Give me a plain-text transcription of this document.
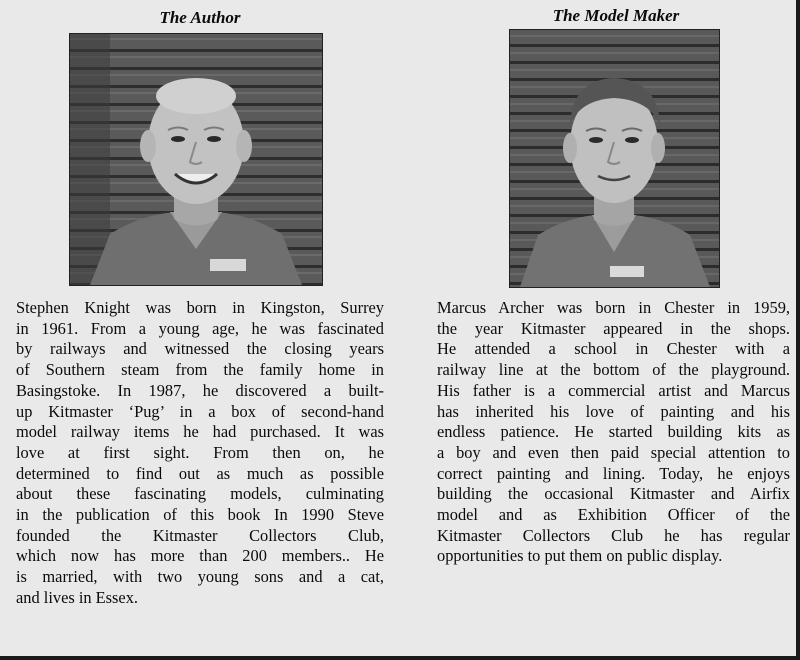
The Author
Stephen Knight was born in Kingston, Surrey
in 1961. From a young age, he was fascinated
by railways and witnessed the closing years
of Southern steam from the family home in
Basingstoke. In 1987, he discovered a built-
up Kitmaster ‘Pug’ in a box of second-hand
model railway items he had purchased. It was
love at first sight. From then on, he
determined to find out as much as possible
about these fascinating models, culminating
in the publication of this book In 1990 Steve
founded the Kitmaster Collectors Club,
which now has more than 200 members.. He
is married, with two young sons and a cat,
and lives in Essex.
The Model Maker
Marcus Archer was born in Chester in 1959,
the year Kitmaster appeared in the shops.
He attended a school in Chester with a
railway line at the bottom of the playground.
His father is a commercial artist and Marcus
has inherited his love of painting and his
endless patience. He started building kits as
a boy and even then paid special attention to
correct painting and lining. Today, he enjoys
building the occasional Kitmaster and Airfix
model and as Exhibition Officer of the
Kitmaster Collectors Club he has regular
opportunities to put them on public display.
